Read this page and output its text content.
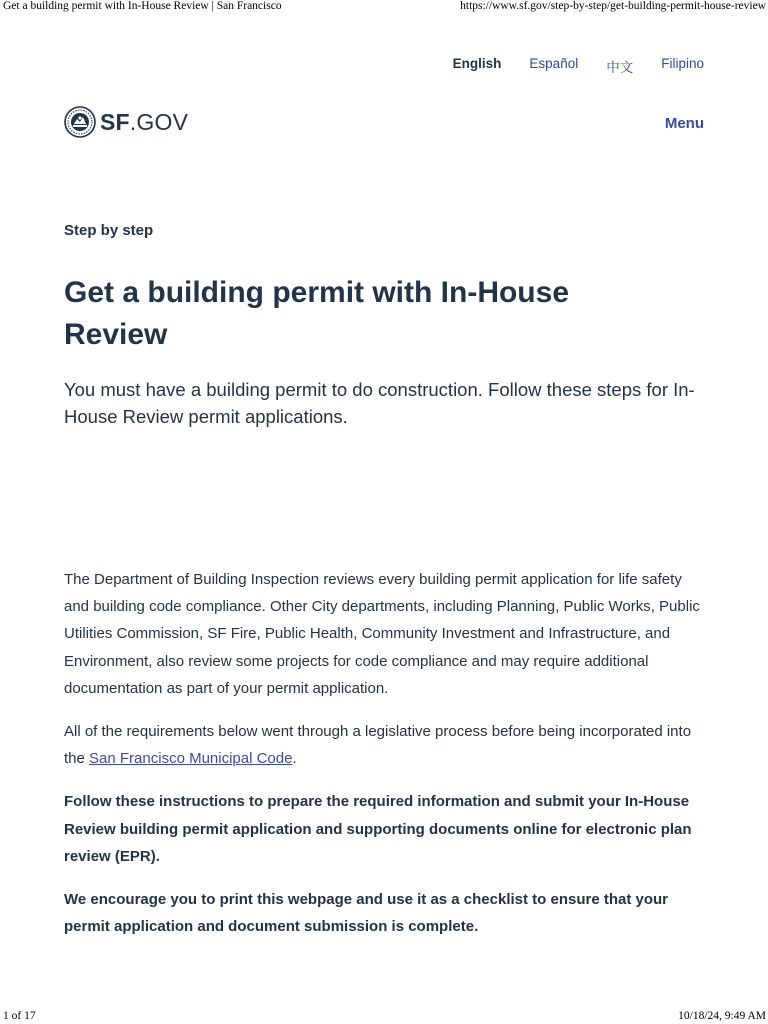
Get a building permit with In-House Review | San Francisco	https://www.sf.gov/step-by-step/get-building-permit-house-review
English Español 中文 Filipino
SF.GOV	Menu
Step by step
Get a building permit with In-House Review

You must have a building permit to do construction. Follow these steps for In-House Review permit applications.

The Department of Building Inspection reviews every building permit application for life safety and building code compliance. Other City departments, including Planning, Public Works, Public Utilities Commission, SF Fire, Public Health, Community Investment and Infrastructure, and Environment, also review some projects for code compliance and may require additional documentation as part of your permit application.

All of the requirements below went through a legislative process before being incorporated into the San Francisco Municipal Code.

Follow these instructions to prepare the required information and submit your In-House Review building permit application and supporting documents online for electronic plan review (EPR).

We encourage you to print this webpage and use it as a checklist to ensure that your permit application and document submission is complete.

1 of 17	10/18/24, 9:49 AM
